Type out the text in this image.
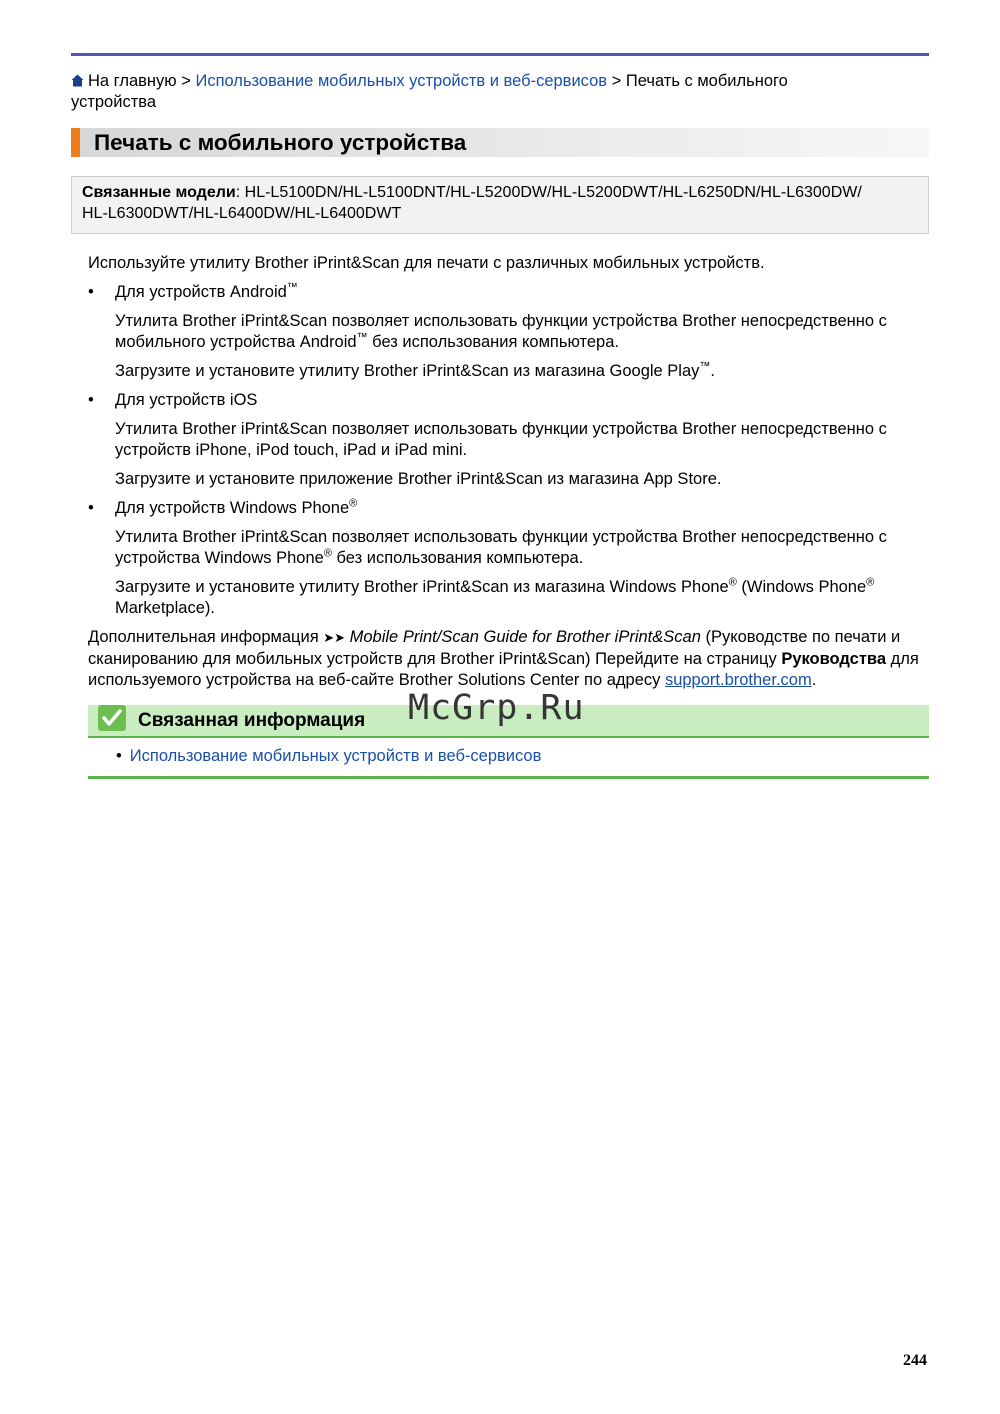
На главную > Использование мобильных устройств и веб-сервисов > Печать с мобильного
устройства
Печать с мобильного устройства
Связанные модели: HL-L5100DN/HL-L5100DNT/HL-L5200DW/HL-L5200DWT/HL-L6250DN/HL-L6300DW/
HL-L6300DWT/HL-L6400DW/HL-L6400DWT

Используйте утилиту Brother iPrint&Scan для печати с различных мобильных устройств.

• Для устройств Android™

Утилита Brother iPrint&Scan позволяет использовать функции устройства Brother непосредственно с мобильного устройства Android™ без использования компьютера.

Загрузите и установите утилиту Brother iPrint&Scan из магазина Google Play™.

• Для устройств iOS

Утилита Brother iPrint&Scan позволяет использовать функции устройства Brother непосредственно с устройств iPhone, iPod touch, iPad и iPad mini.

Загрузите и установите приложение Brother iPrint&Scan из магазина App Store.

• Для устройств Windows Phone®

Утилита Brother iPrint&Scan позволяет использовать функции устройства Brother непосредственно с устройства Windows Phone® без использования компьютера.

Загрузите и установите утилиту Brother iPrint&Scan из магазина Windows Phone® (Windows Phone®
Marketplace).

Дополнительная информация ➤➤ Mobile Print/Scan Guide for Brother iPrint&Scan (Руководстве по печати и сканированию для мобильных устройств для Brother iPrint&Scan) Перейдите на страницу Руководства для используемого устройства на веб-сайте Brother Solutions Center по адресу support.brother.com.

Связанная информация McGrp.Ru
• Использование мобильных устройств и веб-сервисов
244
